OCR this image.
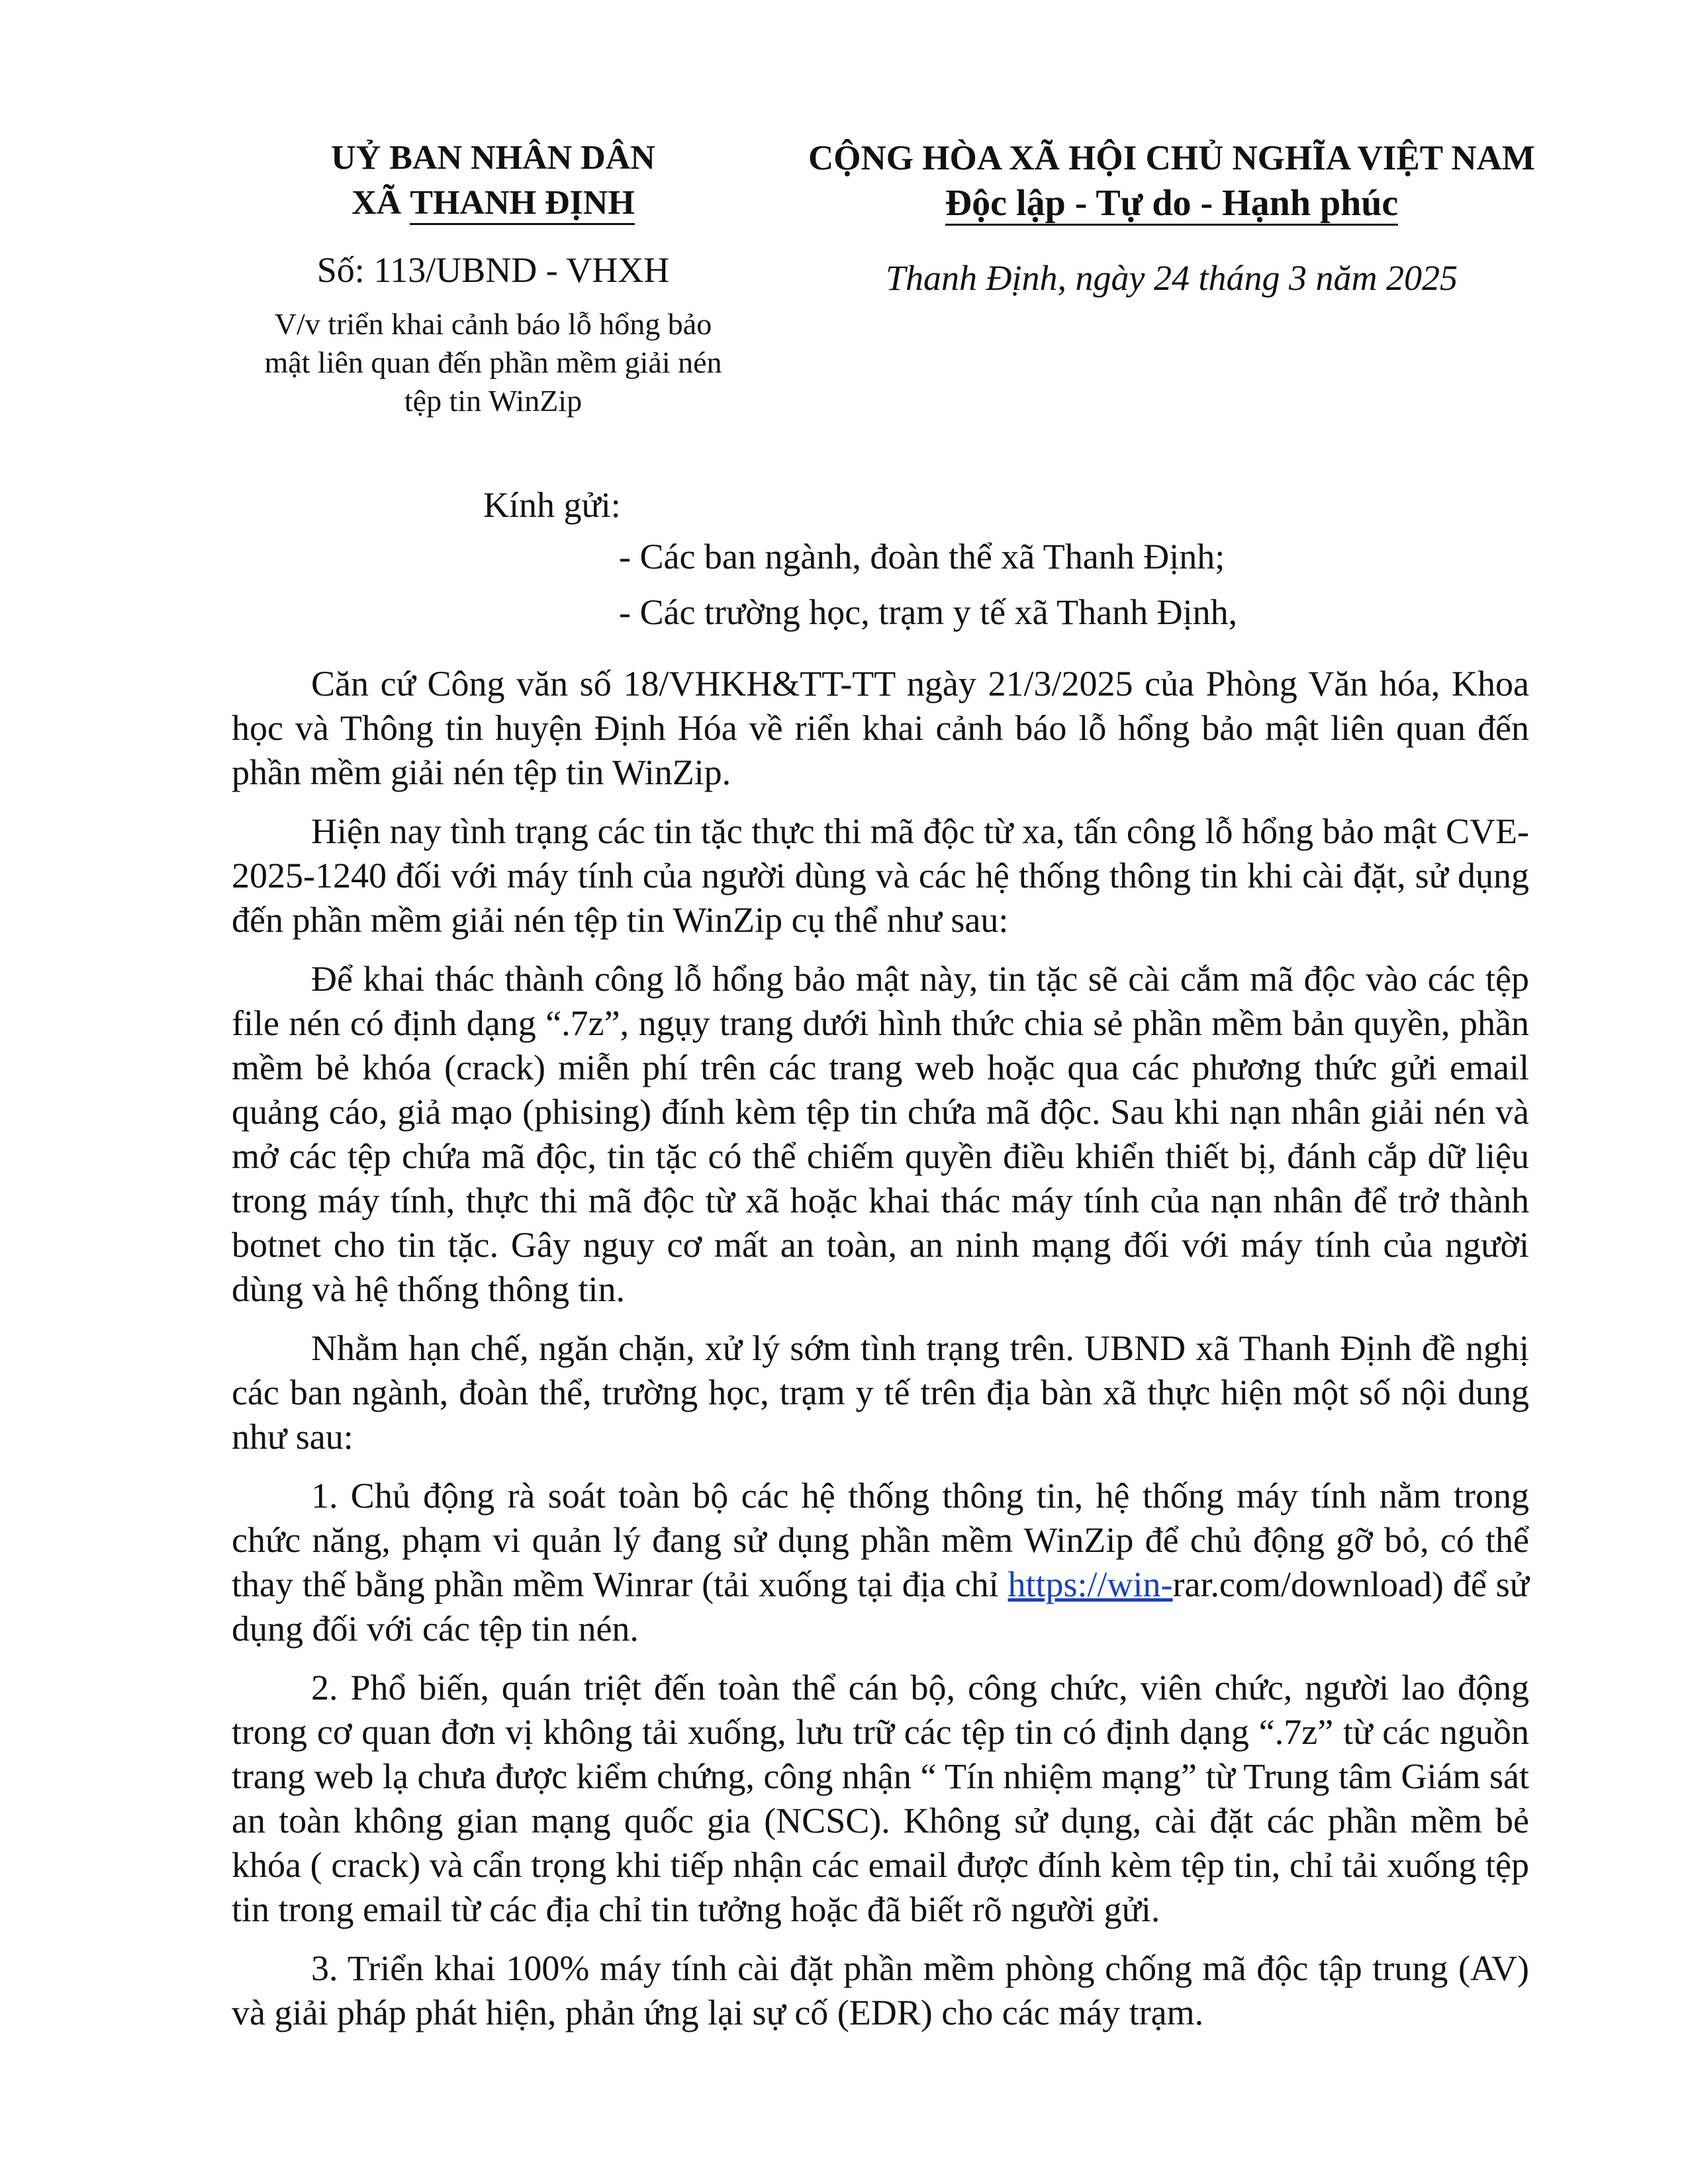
UỶ BAN NHÂN DÂN
XÃ THANH ĐỊNH
Số: 113/UBND - VHXH
V/v triển khai cảnh báo lỗ hổng bảo
mật liên quan đến phần mềm giải nén
tệp tin WinZip
CỘNG HÒA XÃ HỘI CHỦ NGHĨA VIỆT NAM
Độc lập - Tự do - Hạnh phúc
Thanh Định, ngày 24 tháng 3 năm 2025
Kính gửi:
- Các ban ngành, đoàn thể xã Thanh Định;
- Các trường học, trạm y tế xã Thanh Định,

Căn cứ Công văn số 18/VHKH&TT-TT ngày 21/3/2025 của Phòng Văn hóa, Khoa học và Thông tin huyện Định Hóa về riển khai cảnh báo lỗ hổng bảo mật liên quan đến phần mềm giải nén tệp tin WinZip.

Hiện nay tình trạng các tin tặc thực thi mã độc từ xa, tấn công lỗ hổng bảo mật CVE-2025-1240 đối với máy tính của người dùng và các hệ thống thông tin khi cài đặt, sử dụng đến phần mềm giải nén tệp tin WinZip cụ thể như sau:

Để khai thác thành công lỗ hổng bảo mật này, tin tặc sẽ cài cắm mã độc vào các tệp file nén có định dạng “.7z”, ngụy trang dưới hình thức chia sẻ phần mềm bản quyền, phần mềm bẻ khóa (crack) miễn phí trên các trang web hoặc qua các phương thức gửi email quảng cáo, giả mạo (phising) đính kèm tệp tin chứa mã độc. Sau khi nạn nhân giải nén và mở các tệp chứa mã độc, tin tặc có thể chiếm quyền điều khiển thiết bị, đánh cắp dữ liệu trong máy tính, thực thi mã độc từ xã hoặc khai thác máy tính của nạn nhân để trở thành botnet cho tin tặc. Gây nguy cơ mất an toàn, an ninh mạng đối với máy tính của người dùng và hệ thống thông tin.

Nhằm hạn chế, ngăn chặn, xử lý sớm tình trạng trên. UBND xã Thanh Định đề nghị các ban ngành, đoàn thể, trường học, trạm y tế trên địa bàn xã thực hiện một số nội dung như sau:

1. Chủ động rà soát toàn bộ các hệ thống thông tin, hệ thống máy tính nằm trong chức năng, phạm vi quản lý đang sử dụng phần mềm WinZip để chủ động gỡ bỏ, có thể thay thế bằng phần mềm Winrar (tải xuống tại địa chỉ https://win-rar.com/download) để sử dụng đối với các tệp tin nén.

2. Phổ biến, quán triệt đến toàn thể cán bộ, công chức, viên chức, người lao động trong cơ quan đơn vị không tải xuống, lưu trữ các tệp tin có định dạng “.7z” từ các nguồn trang web lạ chưa được kiểm chứng, công nhận “ Tín nhiệm mạng” từ Trung tâm Giám sát an toàn không gian mạng quốc gia (NCSC). Không sử dụng, cài đặt các phần mềm bẻ khóa ( crack) và cẩn trọng khi tiếp nhận các email được đính kèm tệp tin, chỉ tải xuống tệp tin trong email từ các địa chỉ tin tưởng hoặc đã biết rõ người gửi.

3. Triển khai 100% máy tính cài đặt phần mềm phòng chống mã độc tập trung (AV) và giải pháp phát hiện, phản ứng lại sự cố (EDR) cho các máy trạm.
